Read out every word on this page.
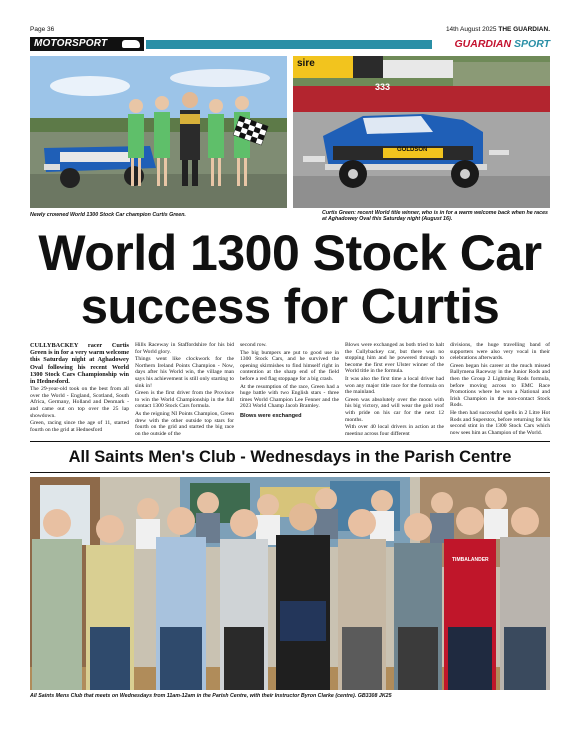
Page 36	14th August 2025 THE GUARDIAN.
MOTORSPORT	GUARDIAN SPORT
Newly crowned World 1300 Stock Car champion Curtis Green.
sire
333
GOLDSON
Curtis Green: recent World title winner, who is in for a warm welcome back when he races at Aghadowey Oval this Saturday night (August 16).
World 1300 Stock Car
success for Curtis

CULLYBACKEY racer Curtis Green is in for a very warm welcome this Saturday night at Aghadowey Oval following his recent World 1300 Stock Cars Championship win in Hednesford.

The 29-year-old took on the best from all over the World - England, Scotland, South Africa, Germany, Holland and Denmark - and came out on top over the 25 lap showdown.

Green, racing since the age of 11, started fourth on the grid at Hednesford

Hills Raceway in Staffordshire for his bid for World glory.

Things went like clockwork for the Northern Ireland Points Champion - Now, days after his World win, the village man says his achievement is still only starting to sink in!

Green is the first driver from the Province to win the World Championship in the full contact 1300 Stock Cars formula.

As the reigning NI Points Champion, Green drew with the other outside top stars for fourth on the grid and started the big race on the outside of the

second row.

The big bumpers are put to good use in 1300 Stock Cars, and he survived the opening skirmishes to find himself right in contention at the sharp end of the field before a red flag stoppage for a big crash.

At the resumption of the race, Green had a huge battle with two English stars - three times World Champion Lee Fenner and the 2023 World Champ Jacob Bramley.

Blows were exchanged

Blows were exchanged as both tried to halt the Cullybackey car, but there was no stopping him and he powered through to become the first ever Ulster winner of the World title in the formula.

It was also the first time a local driver had won any major title race for the formula on the mainland.

Green was absolutely over the moon with his big victory, and will wear the gold roof with pride on his car for the next 12 months.

With over 40 local drivers in action at the meeting across four different

divisions, the huge travelling band of supporters were also very vocal in their celebrations afterwards.

Green began his career at the much missed Ballymena Raceway in the Junior Rods and then the Group 2 Lightning Rods formula, before moving across to EMC Race Promotions where he won a National and Irish Champion in the non-contact Stock Rods.

He then had successful spells in 2 Litre Hot Rods and Superstox, before returning for his second stint in the 1300 Stock Cars which now sees him as Champion of the World.

All Saints Men's Club - Wednesdays in the Parish Centre
TIMBALANDER
All Saints Mens Club that meets on Wednesdays from 11am-12am in the Parish Centre, with their Instructor Byron Clarke (centre). GB3308 JK25
